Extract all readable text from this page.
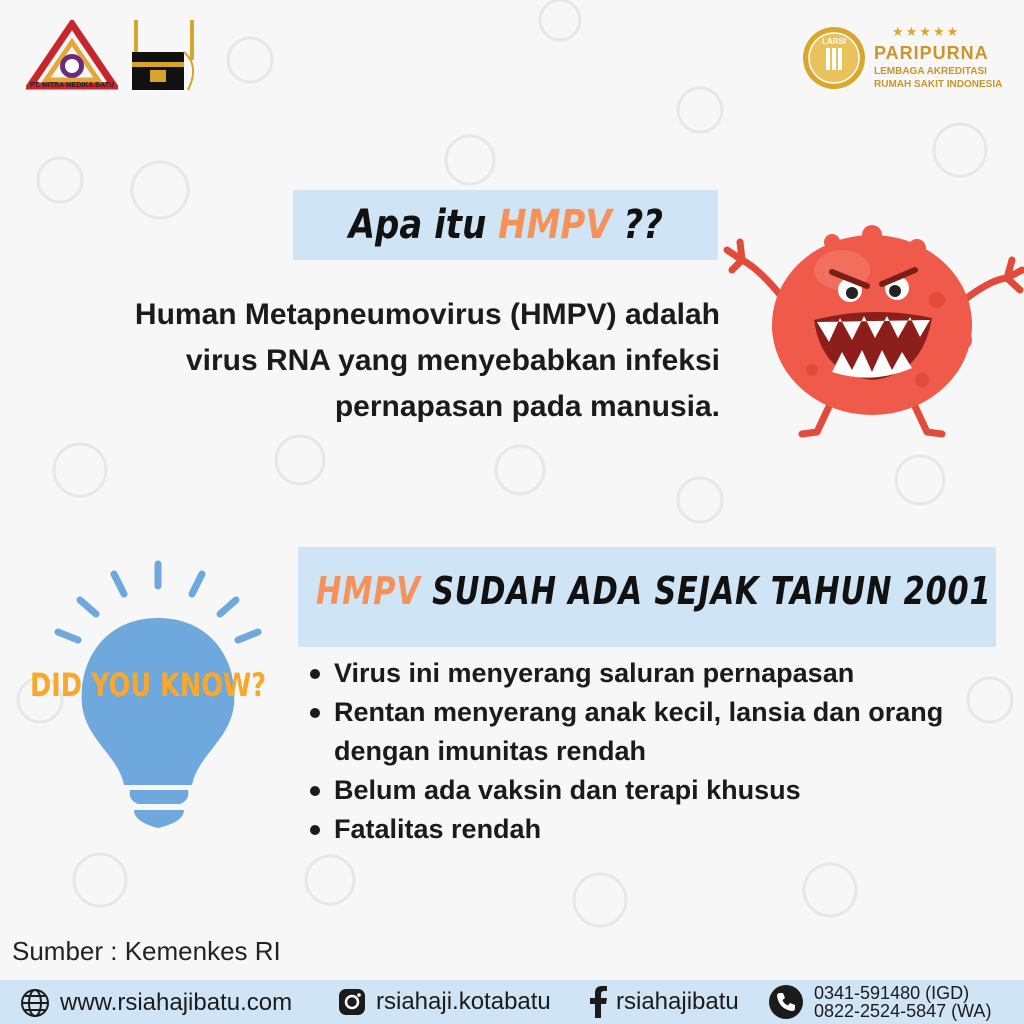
PT. MITRA MEDIKA BATU
LARSI
★★★★★
PARIPURNA
LEMBAGA AKREDITASI
RUMAH SAKIT INDONESIA
Apa itu HMPV ??
Human Metapneumovirus (HMPV) adalah
virus RNA yang menyebabkan infeksi
pernapasan pada manusia.
HMPV SUDAH ADA SEJAK TAHUN 2001
DID YOU KNOW?	Virus ini menyerang saluran pernapasan
Rentan menyerang anak kecil, lansia dan orang dengan imunitas rendah
Belum ada vaksin dan terapi khusus
Fatalitas rendah
Sumber : Kemenkes RI
www.rsiahajibatu.com	rsiahaji.kotabatu	rsiahajibatu	0341-591480 (IGD)
0822-2524-5847 (WA)
